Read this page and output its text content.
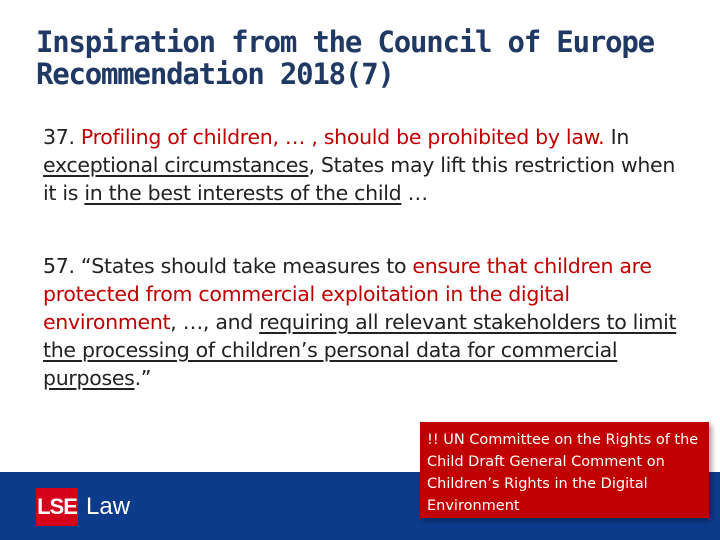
Inspiration from the Council of Europe
Recommendation 2018(7)
37. Profiling of children, … , should be prohibited by law. In exceptional circumstances, States may lift this restriction when it is in the best interests of the child …
57. “States should take measures to ensure that children are protected from commercial exploitation in the digital environment, …, and requiring all relevant stakeholders to limit the processing of children’s personal data for commercial purposes.”
LSE Law
!! UN Committee on the Rights of the Child Draft General Comment on Children’s Rights in the Digital Environment
